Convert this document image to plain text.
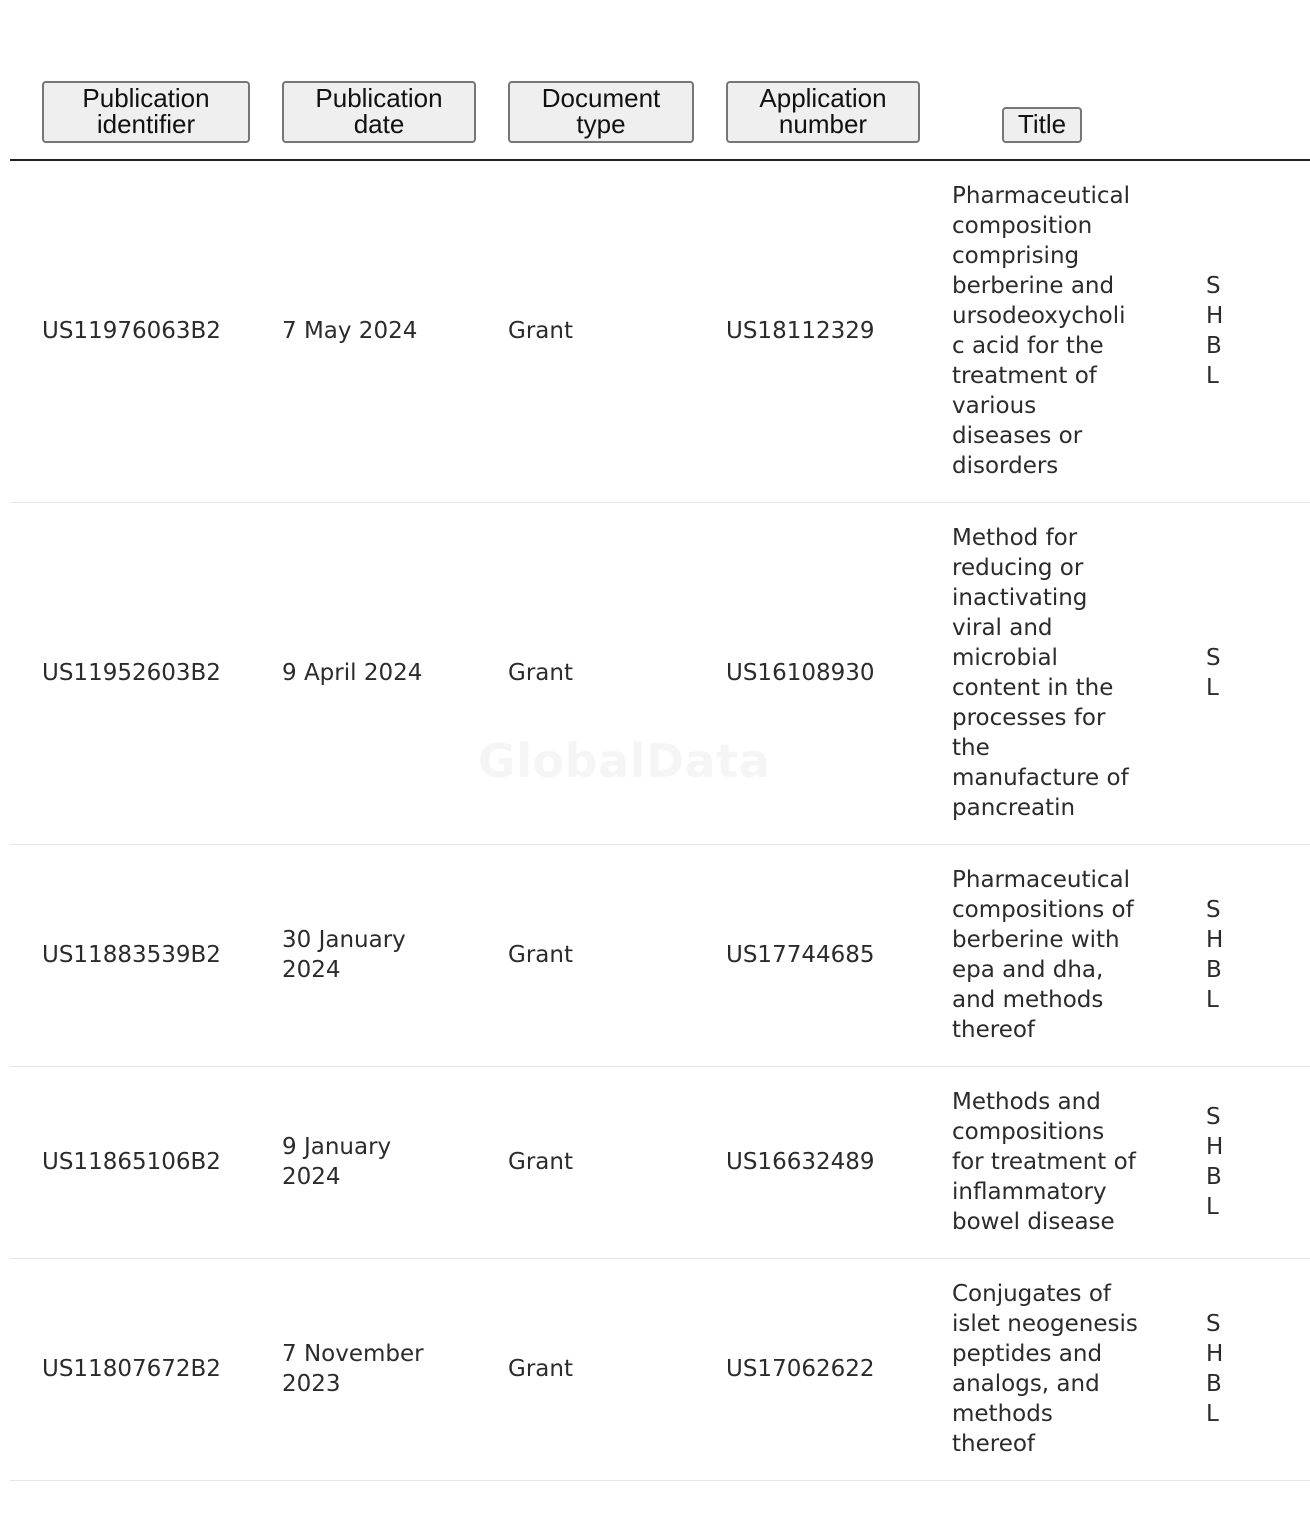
Publication identifier	Publication date	Document type	Application number	Title	
US11976063B2	7 May 2024	Grant	US18112329	Pharmaceutical composition comprising berberine and ursodeoxycholic acid for the treatment of various diseases or disorders	S H B L

US11952603B2	9 April 2024	Grant	US16108930	Method for reducing or inactivating viral and microbial content in the processes for the manufacture of pancreatin	S L

US11883539B2	30 January 2024	Grant	US17744685	Pharmaceutical compositions of berberine with epa and dha, and methods thereof	S H B L

US11865106B2	9 January 2024	Grant	US16632489	Methods and compositions for treatment of inflammatory bowel disease	S H B L

US11807672B2	7 November 2023	Grant	US17062622	Conjugates of islet neogenesis peptides and analogs, and methods thereof	S H B L
GlobalData
